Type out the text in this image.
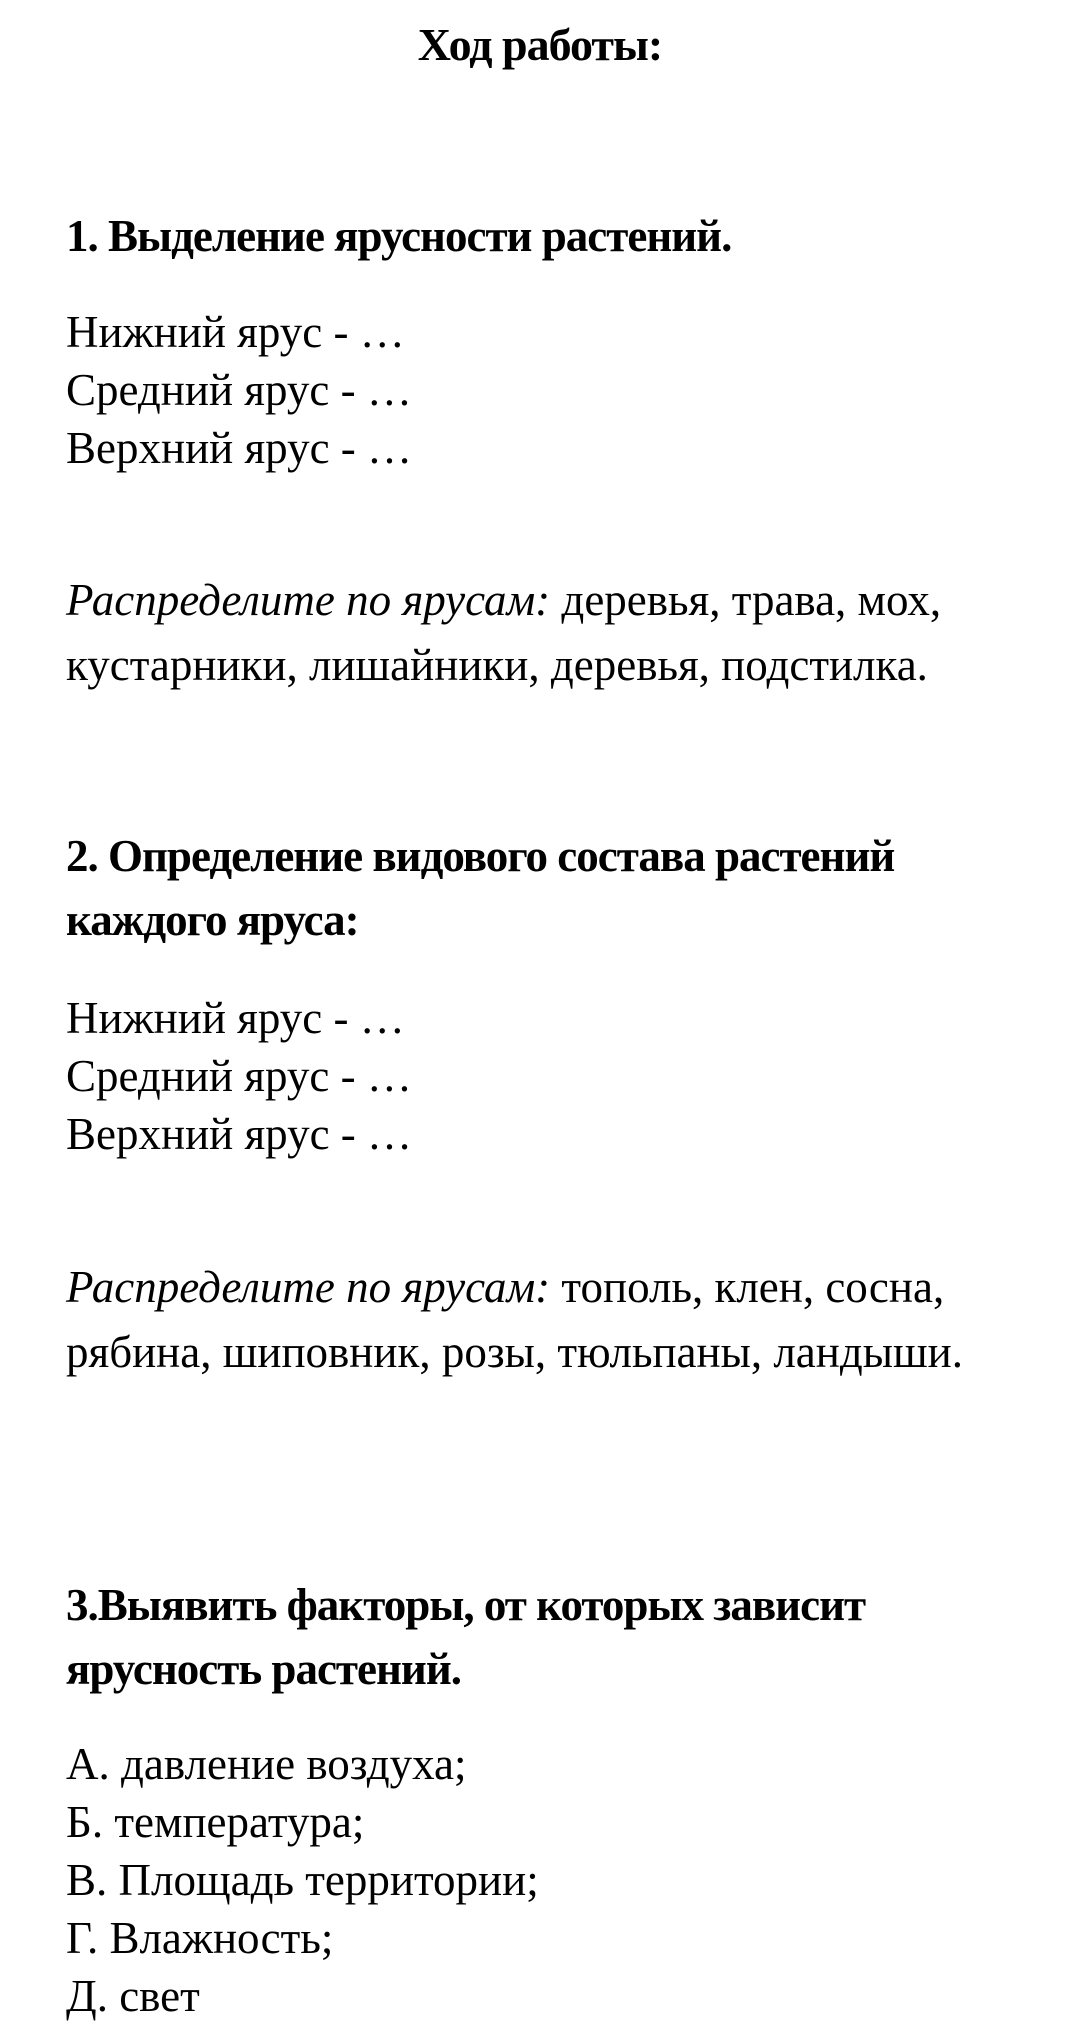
Ход работы:
1. Выделение ярусности растений.
Нижний ярус - …
Средний ярус - …
Верхний ярус - …
Распределите по ярусам: деревья, трава, мох, кустарники, лишайники, деревья, подстилка.
2. Определение видового состава растений каждого яруса:
Нижний ярус - …
Средний ярус - …
Верхний ярус - …
Распределите по ярусам: тополь, клен, сосна, рябина, шиповник, розы, тюльпаны, ландыши.
3.Выявить факторы, от которых зависит ярусность растений.
А. давление воздуха;
Б. температура;
В. Площадь территории;
Г. Влажность;
Д. свет
